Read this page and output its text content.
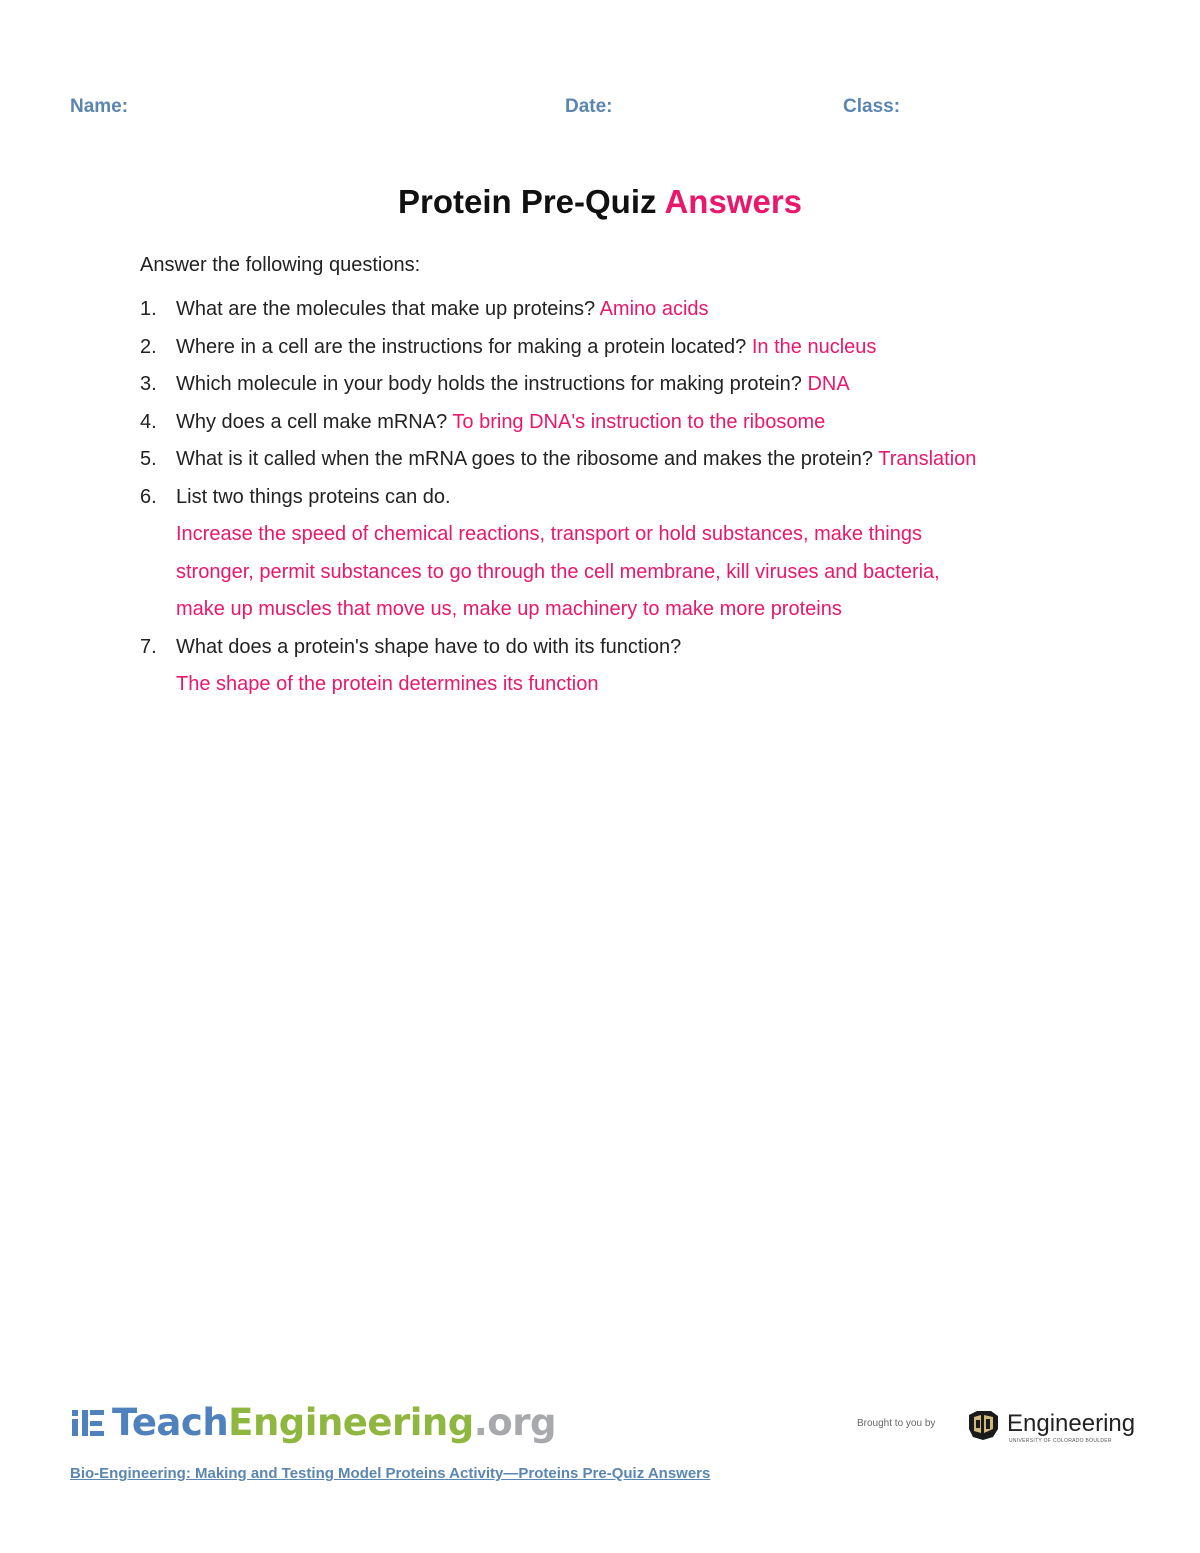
Name:	Date:	Class:
Protein Pre-Quiz Answers
Answer the following questions:
1. What are the molecules that make up proteins? Amino acids
2. Where in a cell are the instructions for making a protein located? In the nucleus
3. Which molecule in your body holds the instructions for making protein? DNA
4. Why does a cell make mRNA? To bring DNA's instruction to the ribosome
5. What is it called when the mRNA goes to the ribosome and makes the protein? Translation
6. List two things proteins can do.
Increase the speed of chemical reactions, transport or hold substances, make things
stronger, permit substances to go through the cell membrane, kill viruses and bacteria,
make up muscles that move us, make up machinery to make more proteins
7. What does a protein's shape have to do with its function?
The shape of the protein determines its function
Teach Engineering .org	Brought to you by	Engineering
UNIVERSITY OF COLORADO BOULDER
Bio-Engineering: Making and Testing Model Proteins Activity—Proteins Pre-Quiz Answers
